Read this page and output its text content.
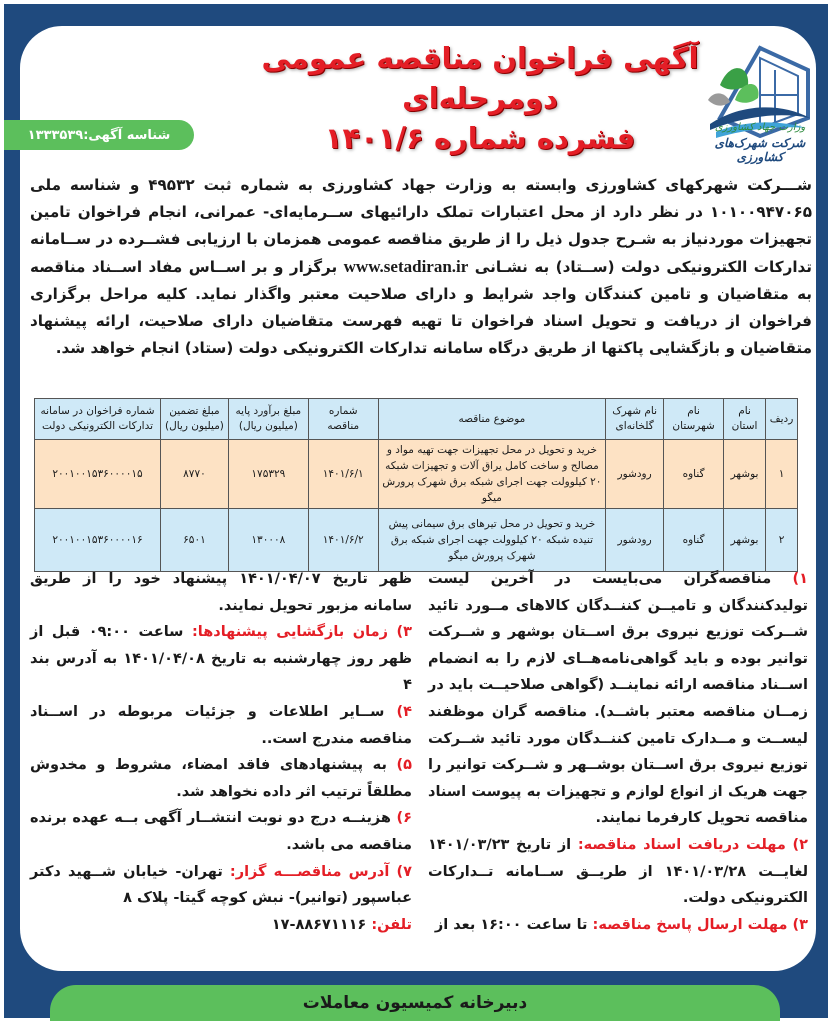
آگهی فراخوان مناقصه عمومی دومرحله‌ای
فشرده شماره ۱۴۰۱/۶
شناسه آگهی:۱۳۳۳۵۳۹	وزارت جهاد کشاورزی
شرکت شهرک‌های کشاورزی
شـــرکت شهرکهای کشاورزی وابسته به وزارت جهاد کشاورزی به شماره ثبت ۴۹۵۳۲ و شناسه ملی ۱۰۱۰۰۹۴۷۰۶۵ در نظر دارد از محل اعتبارات تملک دارائیهای ســرمایه‌ای- عمرانی، انجام فراخوان تامین تجهیزات موردنیاز به شـرح جدول ذیل را از طریق مناقصه عمومی همزمان با ارزیابی فشــرده در ســامانه تدارکات الکترونیکی دولت (ســتاد) به نشـانی www.setadiran.ir برگزار و بر اســاس مفاد اســناد مناقصه به متقاضیان و تامین کنندگان واجد شرایط و دارای صلاحیت معتبر واگذار نماید. کلیه مراحل برگزاری فراخوان از دریافت و تحویل اسناد فراخوان تا تهیه فهرست متقاضیان دارای صلاحیت، ارائه پیشنهاد متقاضیان و بازگشایی پاکتها از طریق درگاه سامانه تدارکات الکترونیکی دولت (ستاد) انجام خواهد شد.
ردیف	نام استان	نام شهرستان	نام شهرک گلخانه‌ای	موضوع مناقصه	شماره مناقصه	مبلغ برآورد پایه (میلیون ریال)	مبلغ تضمین (میلیون ریال)	شماره فراخوان در سامانه تدارکات الکترونیکی دولت
۱	بوشهر	گناوه	رودشور	خرید و تحویل در محل تجهیزات جهت تهیه مواد و مصالح و ساخت کامل یراق آلات و تجهیزات شبکه ۲۰ کیلوولت جهت اجرای شبکه برق شهرک پرورش میگو	۱۴۰۱/۶/۱	۱۷۵۳۲۹	۸۷۷۰	۲۰۰۱۰۰۱۵۳۶۰۰۰۰۱۵
۲	بوشهر	گناوه	رودشور	خرید و تحویل در محل تیرهای برق سیمانی پیش تنیده شبکه ۲۰ کیلوولت جهت اجرای شبکه برق شهرک پرورش میگو	۱۴۰۱/۶/۲	۱۳۰۰۰۸	۶۵۰۱	۲۰۰۱۰۰۱۵۳۶۰۰۰۰۱۶

۱) مناقصه‌گران می‌بایست در آخرین لیست تولیدکنندگان و تامیــن کننــدگان کالاهای مــورد تائید شــرکت توزیع نیروی برق اســتان بوشهر و شــرکت توانیر بوده و باید گواهی‌نامه‌هــای لازم را به انضمام اســناد مناقصه ارائه نماینــد (گواهی صلاحیــت باید در زمــان مناقصه معتبر باشــد). مناقصه گران موظفند لیســت و مــدارک تامین کننــدگان مورد تائید شــرکت توزیع نیروی برق اســتان بوشــهر و شــرکت توانیر را جهت هریک از انواع لوازم و تجهیزات به پیوست اسناد مناقصه تحویل کارفرما نمایند.

۲) مهلت دریافت اسناد مناقصه: از تاریخ ۱۴۰۱/۰۳/۲۳ لغایــت ۱۴۰۱/۰۳/۲۸ از طریــق ســامانه تــدارکات الکترونیکی دولت.

۳) مهلت ارسال پاسخ مناقصه: تا ساعت ۱۶:۰۰ بعد از

ظهر تاریخ ۱۴۰۱/۰۴/۰۷ پیشنهاد خود را از طریق سامانه مزبور تحویل نمایند.

۳) زمان بازگشایی پیشنهادها: ساعت ۰۹:۰۰ قبل از ظهر روز چهارشنبه به تاریخ ۱۴۰۱/۰۴/۰۸ به آدرس بند ۴

۴) ســایر اطلاعات و جزئیات مربوطه در اســناد مناقصه مندرج است..

۵) به پیشنهادهای فاقد امضاء، مشروط و مخدوش مطلقاً ترتیب اثر داده نخواهد شد.

۶) هزینــه درج دو نوبت انتشــار آگهی بــه عهده برنده مناقصه می باشد.

۷) آدرس مناقصـــه گزار: تهران- خیابان شــهید دکتر عباسپور (توانیر)- نبش کوچه گیتا- پلاک ۸

تلفن: ۸۸۶۷۱۱۱۶-۱۷

دبیرخانه کمیسیون معاملات
